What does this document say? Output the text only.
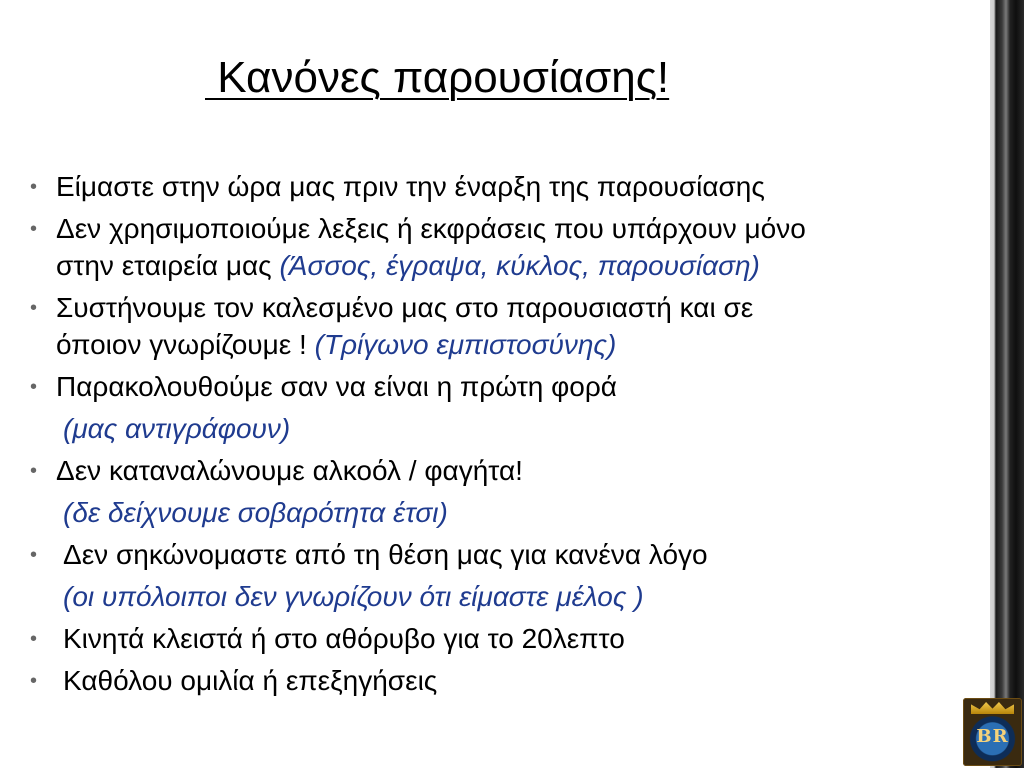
Κανόνες παρουσίασης!
• Είμαστε στην ώρα μας πριν την έναρξη της παρουσίασης
• Δεν χρησιμοποιούμε λεξεις ή εκφράσεις που υπάρχουν μόνο
στην εταιρεία μας (Άσσος, έγραψα, κύκλος, παρουσίαση)
• Συστήνουμε τον καλεσμένο μας στο παρουσιαστή και σε
όποιον γνωρίζουμε ! (Τρίγωνο εμπιστοσύνης)
• Παρακολουθούμε σαν να είναι η πρώτη φορά
(μας αντιγράφουν)
• Δεν καταναλώνουμε αλκοόλ / φαγήτα!
(δε δείχνουμε σοβαρότητα έτσι)
• Δεν σηκώνομαστε από τη θέση μας για κανένα λόγο
(οι υπόλοιποι δεν γνωρίζουν ότι είμαστε μέλος )
• Κινητά κλειστά ή στο αθόρυβο για το 20λεπτο
• Καθόλου ομιλία ή επεξηγήσεις
BR
